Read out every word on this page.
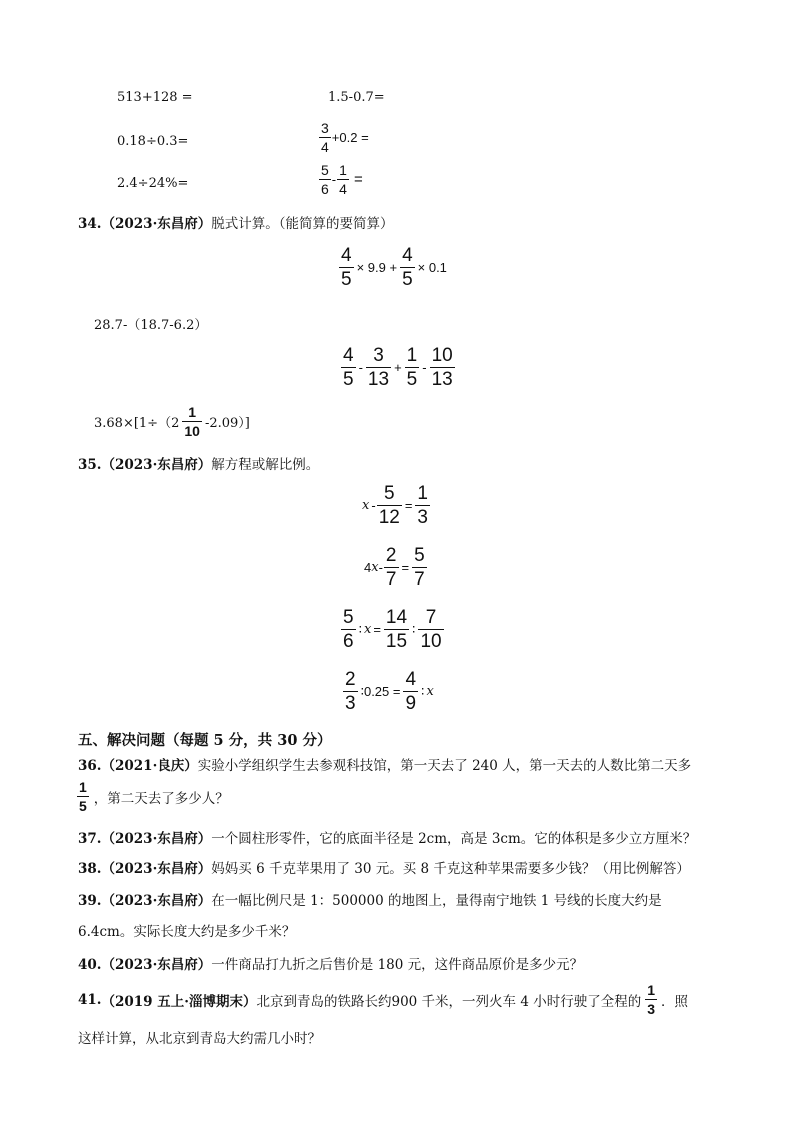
513+128 =	1.5-0.7=
0.18÷0.3=	$\frac{3}{4} +0.2$ =
2.4÷24%=	$\frac{5}{6} - \frac{1}{4}$ =
34.（2023·东昌府）脱式计算。（能简算的要简算）
$\frac{4}{5} \times 9.9 + \frac{4}{5} \times 0.1$
28.7-（18.7-6.2）
$\frac{4}{5} - \frac{3}{13} + \frac{1}{5} - \frac{10}{13}$
$3.68\times[1\div(2 \frac{1}{10} -2.09)]$
35.（2023·东昌府）解方程或解比例。
$x - \frac{5}{12} = \frac{1}{3}$
4 $x - \frac{2}{7} = \frac{5}{7}$
$\frac{5}{6}$ ∶ $x = \frac{14}{15}$ ∶ $\frac{7}{10}$
$\frac{2}{3}$ ∶0.25 = $\frac{4}{9}$ ∶ x
五、解决问题（每题 5 分，共 30 分）
36.（2021·良庆）实验小学组织学生去参观科技馆，第一天去了 240 人，第一天去的人数比第二天多
$\frac{1}{5}$ ，第二天去了多少人？
37.（2023·东昌府）一个圆柱形零件，它的底面半径是 2cm，高是 3cm。它的体积是多少立方厘米？
38.（2023·东昌府）妈妈买 6 千克苹果用了 30 元。买 8 千克这种苹果需要多少钱？（用比例解答）
39.（2023·东昌府）在一幅比例尺是 1：500000 的地图上，量得南宁地铁 1 号线的长度大约是
6.4cm。实际长度大约是多少千米？
40.（2023·东昌府）一件商品打九折之后售价是 180 元，这件商品原价是多少元？
41. （2019 五上·淄博期末） 北京到青岛的铁路长约900 千米，一列火车 4 小时行驶了全程的 $\frac{1}{3}$ ．照
这样计算，从北京到青岛大约需几小时？
